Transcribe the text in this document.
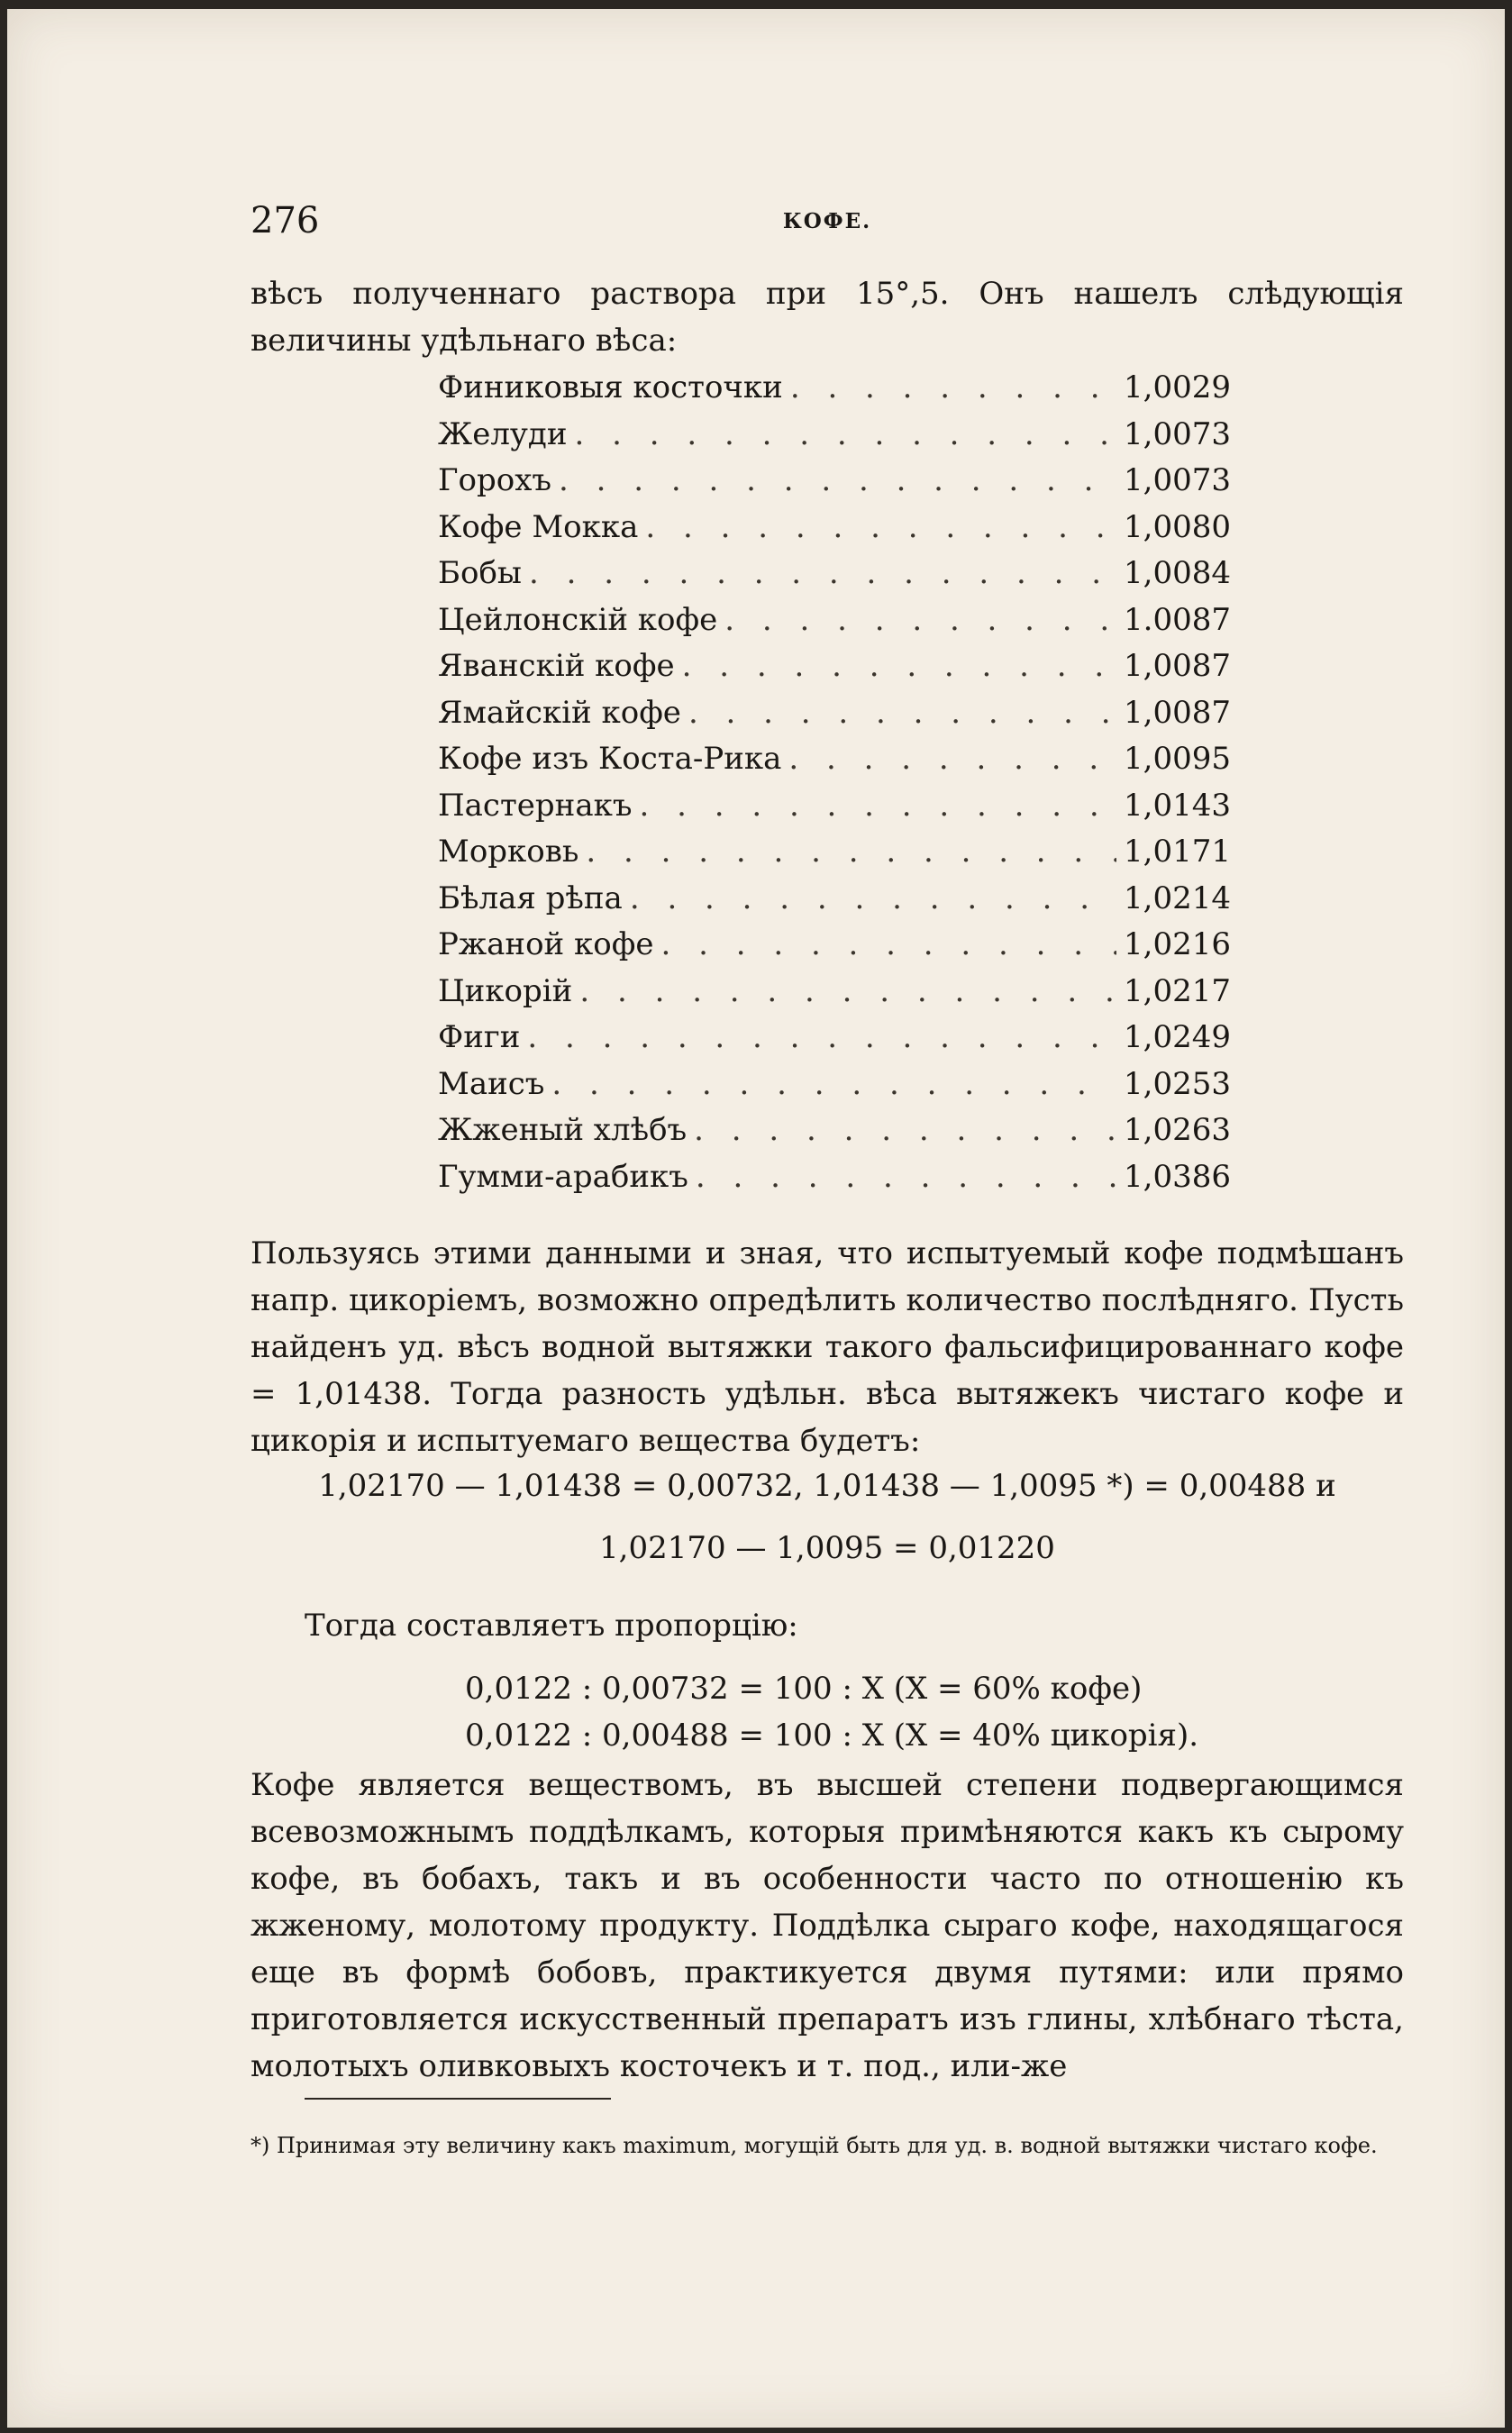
276	КОФЕ.
вѣсъ полученнаго раствора при 15°,5. Онъ нашелъ слѣдующія величины удѣльнаго вѣса:
Финиковыя косточки . . .	1,0029
Желуди . . .	1,0073
Горохъ . . .	1,0073
Кофе Мокка . . .	1,0080
Бобы . . .	1,0084
Цейлонскій кофе . . .	1.0087
Яванскій кофе . . .	1,0087
Ямайскій кофе . . .	1,0087
Кофе изъ Коста-Рика . . .	1,0095
Пастернакъ . . .	1,0143
Морковь . . .	1,0171
Бѣлая рѣпа . . .	1,0214
Ржаной кофе . . .	1,0216
Цикорій . . .	1,0217
Фиги . . .	1,0249
Маисъ . . .	1,0253
Жженый хлѣбъ . . .	1,0263
Гумми-арабикъ . . .	1,0386
Пользуясь этими данными и зная, что испытуемый кофе подмѣшанъ напр. цикоріемъ, возможно опредѣлить количество послѣдняго. Пусть найденъ уд. вѣсъ водной вытяжки такого фальсифицированнаго кофе = 1,01438. Тогда разность удѣльн. вѣса вытяжекъ чистаго кофе и цикорія и испытуемаго вещества будетъ:
1,02170 — 1,01438 = 0,00732, 1,01438 — 1,0095 *) = 0,00488 и
1,02170 — 1,0095 = 0,01220
Тогда составляетъ пропорцію:
0,0122 : 0,00732 = 100 : X (X = 60% кофе)
0,0122 : 0,00488 = 100 : X (X = 40% цикорія).
Кофе является веществомъ, въ высшей степени подвергающимся всевозможнымъ поддѣлкамъ, которыя примѣняются какъ къ сырому кофе, въ бобахъ, такъ и въ особенности часто по отношенію къ жженому, молотому продукту. Поддѣлка сыраго кофе, находящагося еще въ формѣ бобовъ, практикуется двумя путями: или прямо приготовляется искусственный препаратъ изъ глины, хлѣбнаго тѣста, молотыхъ оливковыхъ косточекъ и т. под., или-же
*) Принимая эту величину какъ maximum, могущій быть для уд. в. водной вытяжки чистаго кофе.
